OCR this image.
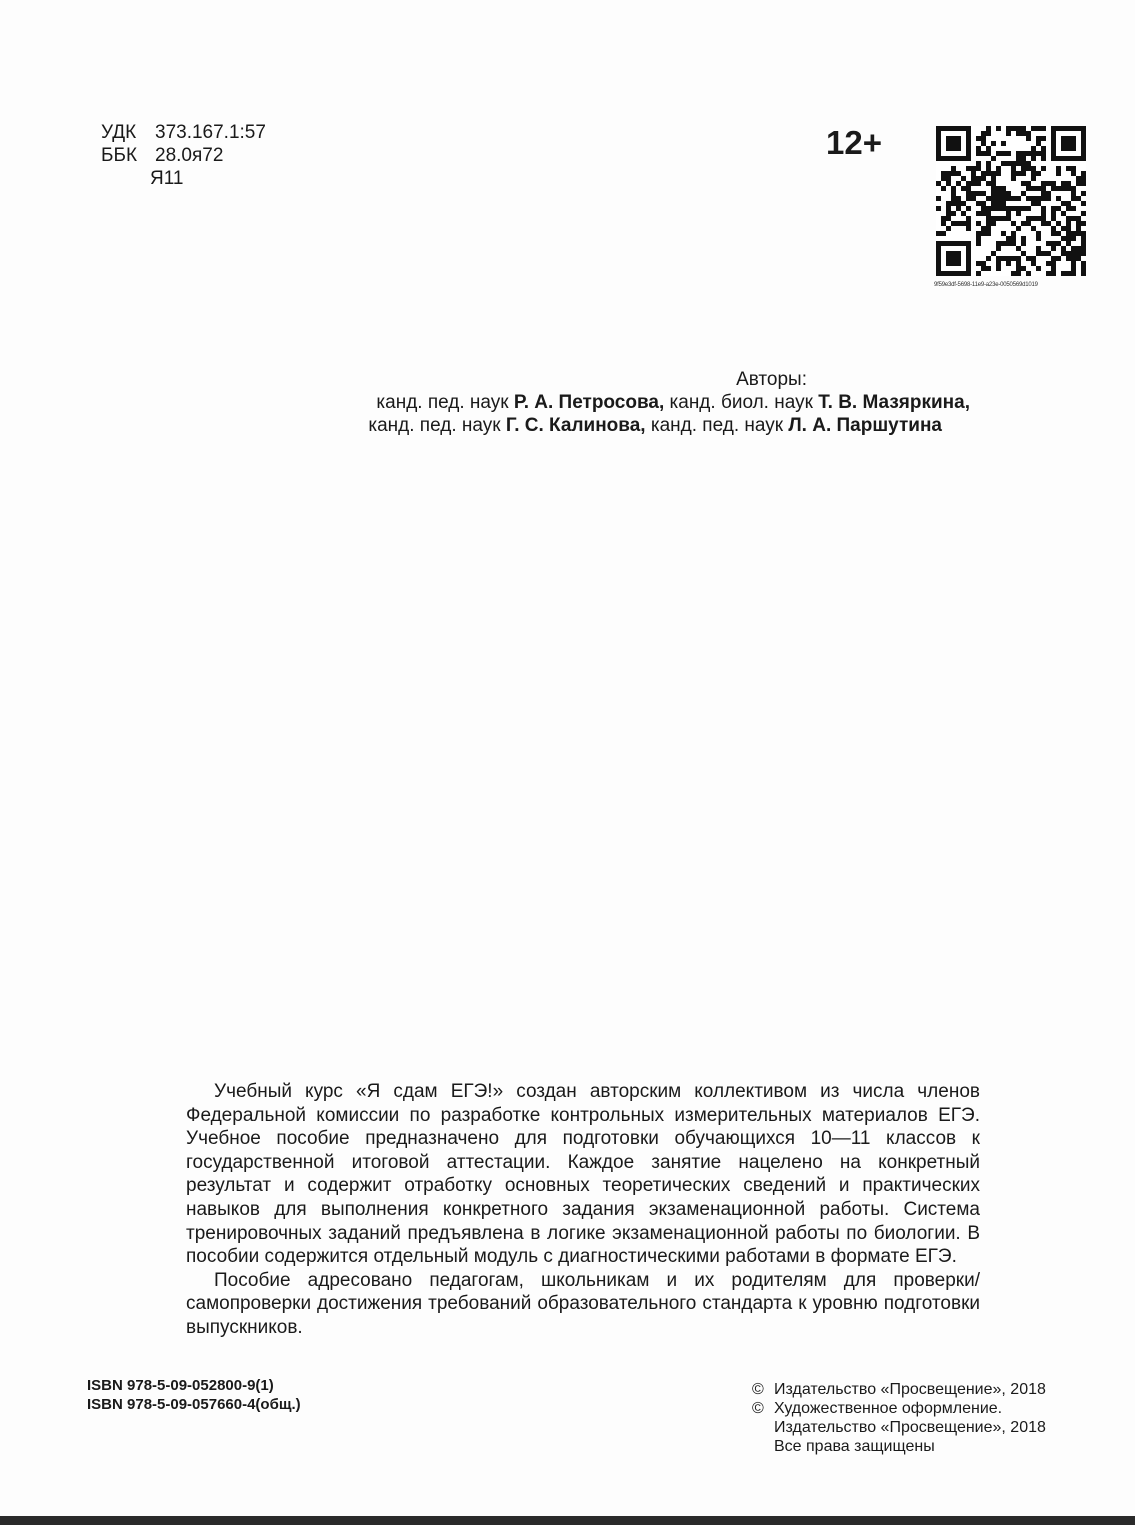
УДК 373.167.1:57
ББК 28.0я72
Я11
12+
9f59e3df-5698-11e9-a23e-0050569d1019
Авторы:
канд. пед. наук Р. А. Петросова, канд. биол. наук Т. В. Мазяркина,
канд. пед. наук Г. С. Калинова, канд. пед. наук Л. А. Паршутина

Учебный курс «Я сдам ЕГЭ!» создан авторским коллективом из числа членов Федеральной комиссии по разработке контрольных измерительных материалов ЕГЭ. Учебное пособие предназначено для подготовки обучающихся 10—11 классов к государственной итоговой аттестации. Каждое занятие нацелено на конкретный результат и содержит отработку основных теоретических сведений и практических навыков для выполнения конкретного задания экзаменационной работы. Система тренировочных заданий предъявлена в логике экзаменационной работы по биологии. В пособии содержится отдельный модуль с диагностическими работами в формате ЕГЭ.

Пособие адресовано педагогам, школьникам и их родителям для проверки/самопроверки достижения требований образовательного стандарта к уровню подготовки выпускников.

ISBN 978-5-09-052800-9(1)
ISBN 978-5-09-057660-4(общ.)
© Издательство «Просвещение», 2018
© Художественное оформление.
Издательство «Просвещение», 2018
Все права защищены
